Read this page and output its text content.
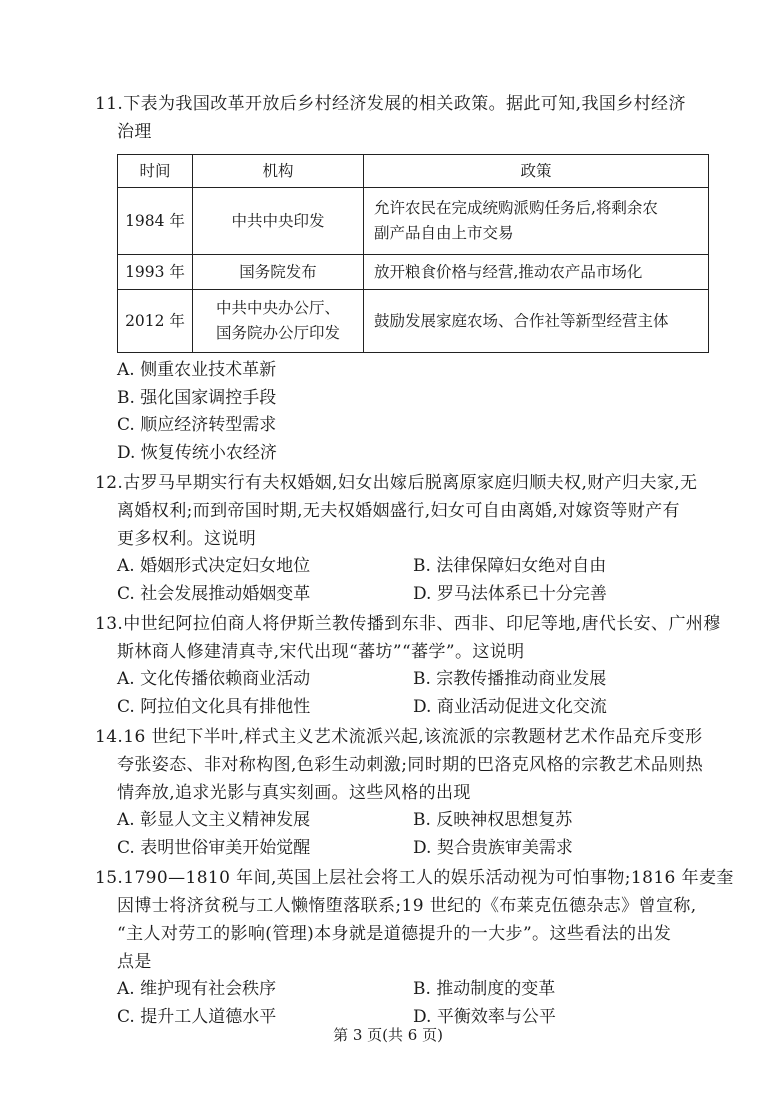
11.下表为我国改革开放后乡村经济发展的相关政策。据此可知,我国乡村经济
治理
时间	机构	政策
1984 年	中共中央印发	允许农民在完成统购派购任务后,将剩余农
副产品自由上市交易

1993 年	国务院发布	放开粮食价格与经营,推动农产品市场化

2012 年	中共中央办公厅、
国务院办公厅印发	鼓励发展家庭农场、合作社等新型经营主体
A. 侧重农业技术革新
B. 强化国家调控手段
C. 顺应经济转型需求
D. 恢复传统小农经济
12.古罗马早期实行有夫权婚姻,妇女出嫁后脱离原家庭归顺夫权,财产归夫家,无
离婚权利;而到帝国时期,无夫权婚姻盛行,妇女可自由离婚,对嫁资等财产有
更多权利。这说明
A. 婚姻形式决定妇女地位	B. 法律保障妇女绝对自由
C. 社会发展推动婚姻变革	D. 罗马法体系已十分完善
13.中世纪阿拉伯商人将伊斯兰教传播到东非、西非、印尼等地,唐代长安、广州穆
斯林商人修建清真寺,宋代出现“蕃坊”“蕃学”。这说明
A. 文化传播依赖商业活动	B. 宗教传播推动商业发展
C. 阿拉伯文化具有排他性	D. 商业活动促进文化交流
14.16 世纪下半叶,样式主义艺术流派兴起,该流派的宗教题材艺术作品充斥变形
夸张姿态、非对称构图,色彩生动刺激;同时期的巴洛克风格的宗教艺术品则热
情奔放,追求光影与真实刻画。这些风格的出现
A. 彰显人文主义精神发展	B. 反映神权思想复苏
C. 表明世俗审美开始觉醒	D. 契合贵族审美需求
15.1790—1810 年间,英国上层社会将工人的娱乐活动视为可怕事物;1816 年麦奎
因博士将济贫税与工人懒惰堕落联系;19 世纪的《布莱克伍德杂志》曾宣称,
“主人对劳工的影响(管理)本身就是道德提升的一大步”。这些看法的出发
点是
A. 维护现有社会秩序	B. 推动制度的变革
C. 提升工人道德水平	D. 平衡效率与公平
第 3 页(共 6 页)
